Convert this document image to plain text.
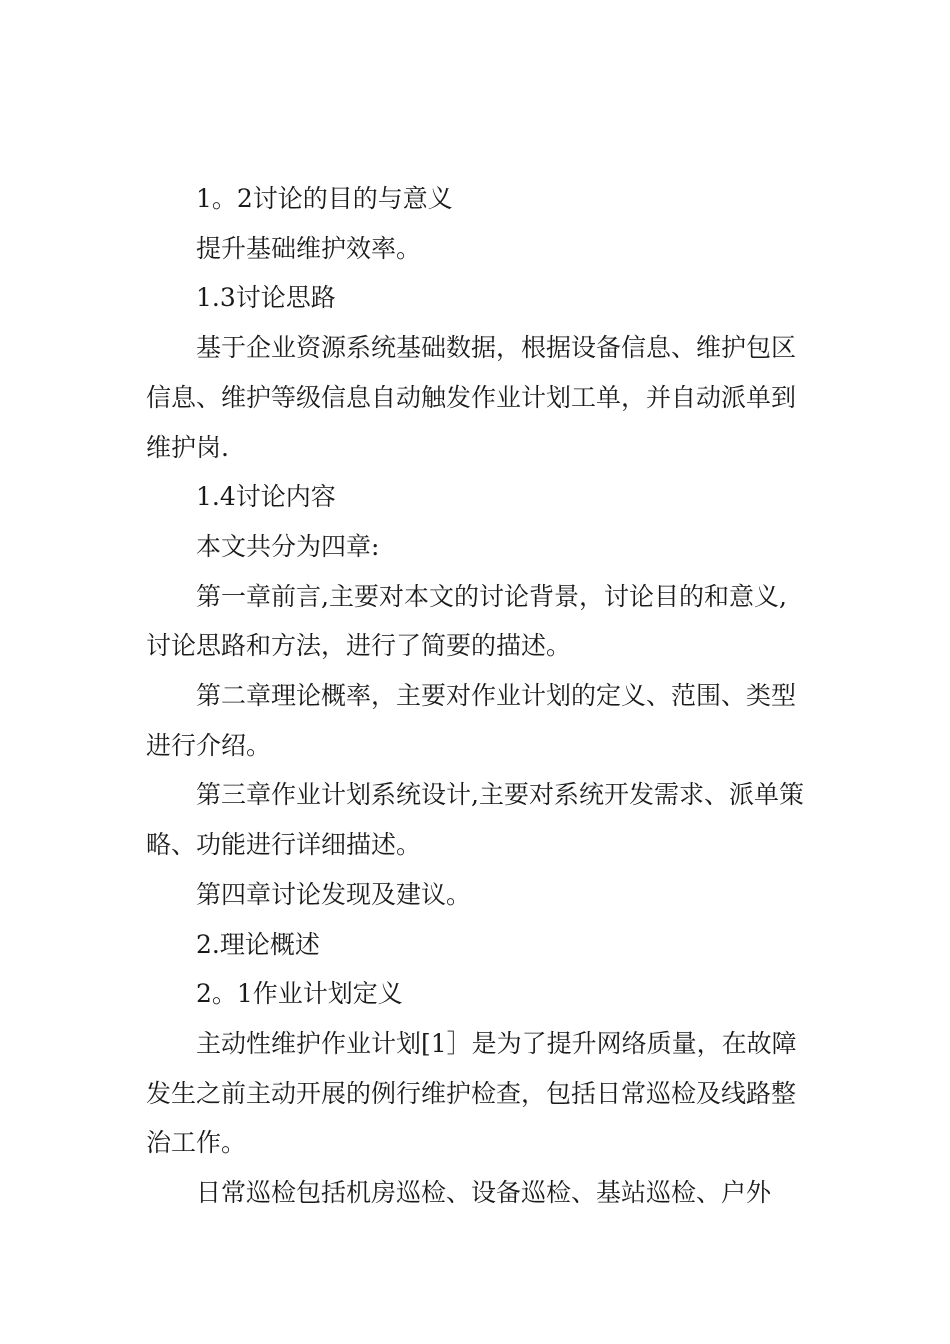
1。2讨论的目的与意义

提升基础维护效率。

1.3讨论思路

基于企业资源系统基础数据，根据设备信息、维护包区信息、维护等级信息自动触发作业计划工单，并自动派单到维护岗.

1.4讨论内容

本文共分为四章:

第一章前言,主要对本文的讨论背景，讨论目的和意义,讨论思路和方法，进行了简要的描述。

第二章理论概率，主要对作业计划的定义、范围、类型进行介绍。

第三章作业计划系统设计,主要对系统开发需求、派单策略、功能进行详细描述。

第四章讨论发现及建议。

2.理论概述

2。1作业计划定义

主动性维护作业计划[1］是为了提升网络质量，在故障发生之前主动开展的例行维护检查，包括日常巡检及线路整治工作。

日常巡检包括机房巡检、设备巡检、基站巡检、户外
